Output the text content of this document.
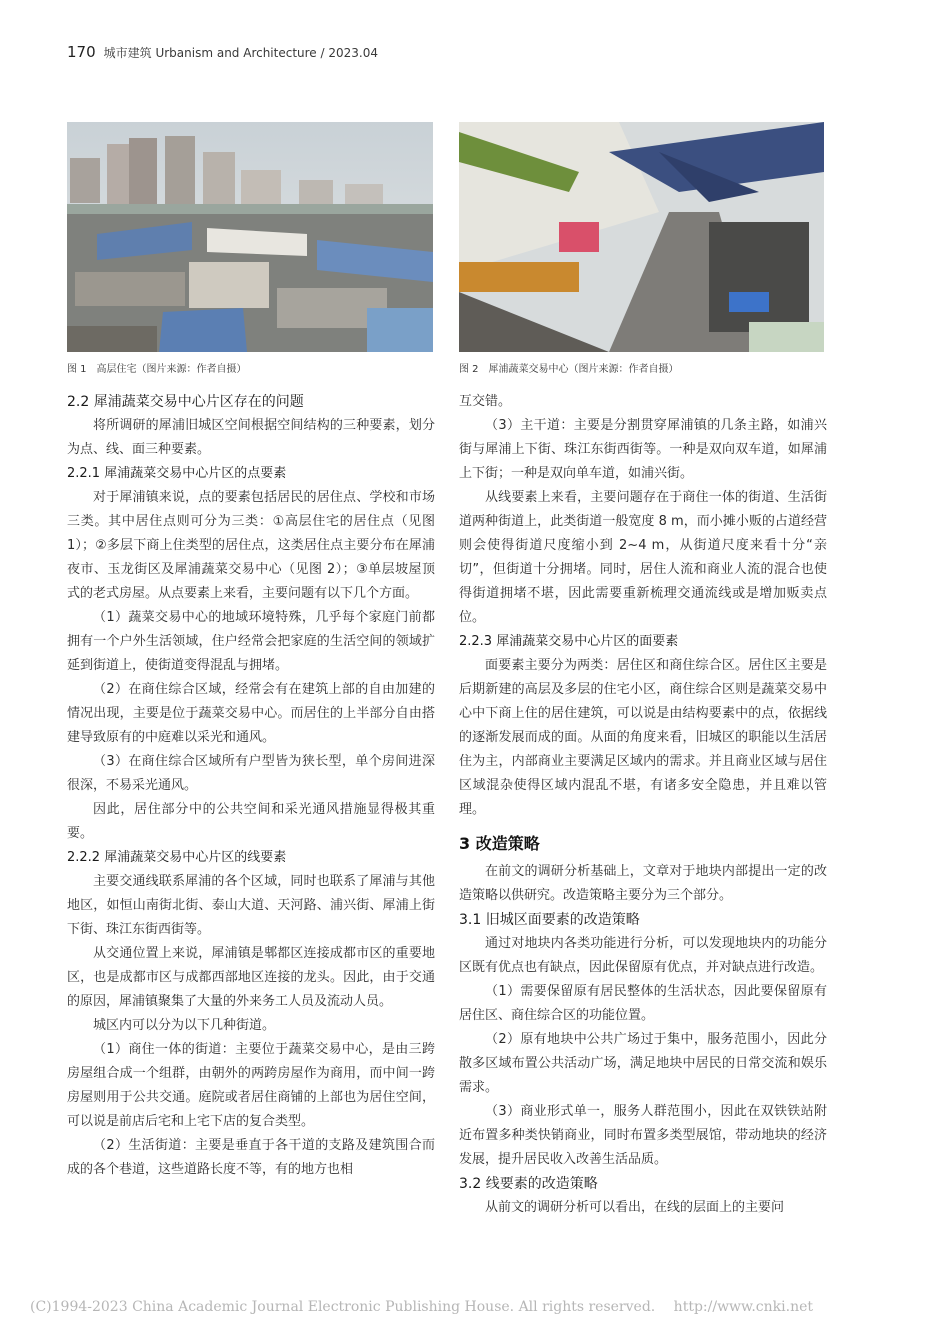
170 城市建筑 Urbanism and Architecture / 2023.04
图 1　高层住宅（图片来源：作者自摄）	图 2　犀浦蔬菜交易中心（图片来源：作者自摄）
2.2 犀浦蔬菜交易中心片区存在的问题
将所调研的犀浦旧城区空间根据空间结构的三种要素，划分为点、线、面三种要素。
2.2.1 犀浦蔬菜交易中心片区的点要素
对于犀浦镇来说，点的要素包括居民的居住点、学校和市场三类。其中居住点则可分为三类：①高层住宅的居住点（见图 1）；②多层下商上住类型的居住点，这类居住点主要分布在犀浦夜市、玉龙街区及犀浦蔬菜交易中心（见图 2）；③单层坡屋顶式的老式房屋。从点要素上来看，主要问题有以下几个方面。
（1）蔬菜交易中心的地域环境特殊，几乎每个家庭门前都拥有一个户外生活领域，住户经常会把家庭的生活空间的领域扩延到街道上，使街道变得混乱与拥堵。
（2）在商住综合区域，经常会有在建筑上部的自由加建的情况出现，主要是位于蔬菜交易中心。而居住的上半部分自由搭建导致原有的中庭难以采光和通风。
（3）在商住综合区域所有户型皆为狭长型，单个房间进深很深，不易采光通风。
因此，居住部分中的公共空间和采光通风措施显得极其重要。
2.2.2 犀浦蔬菜交易中心片区的线要素
主要交通线联系犀浦的各个区域，同时也联系了犀浦与其他地区，如恒山南街北街、泰山大道、天河路、浦兴街、犀浦上街下街、珠江东街西街等。
从交通位置上来说，犀浦镇是郫都区连接成都市区的重要地区，也是成都市区与成都西部地区连接的龙头。因此，由于交通的原因，犀浦镇聚集了大量的外来务工人员及流动人员。
城区内可以分为以下几种街道。
（1）商住一体的街道：主要位于蔬菜交易中心，是由三跨房屋组合成一个组群，由朝外的两跨房屋作为商用，而中间一跨房屋则用于公共交通。庭院或者居住商铺的上部也为居住空间，可以说是前店后宅和上宅下店的复合类型。
（2）生活街道：主要是垂直于各干道的支路及建筑围合而成的各个巷道，这些道路长度不等，有的地方也相
互交错。
（3）主干道：主要是分割贯穿犀浦镇的几条主路，如浦兴街与犀浦上下街、珠江东街西街等。一种是双向双车道，如犀浦上下街；一种是双向单车道，如浦兴街。
从线要素上来看，主要问题存在于商住一体的街道、生活街道两种街道上，此类街道一般宽度 8 m，而小摊小贩的占道经营则会使得街道尺度缩小到 2~4 m，从街道尺度来看十分“亲切”，但街道十分拥堵。同时，居住人流和商业人流的混合也使得街道拥堵不堪，因此需要重新梳理交通流线或是增加贩卖点位。
2.2.3 犀浦蔬菜交易中心片区的面要素
面要素主要分为两类：居住区和商住综合区。居住区主要是后期新建的高层及多层的住宅小区，商住综合区则是蔬菜交易中心中下商上住的居住建筑，可以说是由结构要素中的点，依据线的逐渐发展而成的面。从面的角度来看，旧城区的职能以生活居住为主，内部商业主要满足区域内的需求。并且商业区域与居住区域混杂使得区域内混乱不堪，有诸多安全隐患，并且难以管理。
3 改造策略
在前文的调研分析基础上，文章对于地块内部提出一定的改造策略以供研究。改造策略主要分为三个部分。
3.1 旧城区面要素的改造策略
通过对地块内各类功能进行分析，可以发现地块内的功能分区既有优点也有缺点，因此保留原有优点，并对缺点进行改造。
（1）需要保留原有居民整体的生活状态，因此要保留原有居住区、商住综合区的功能位置。
（2）原有地块中公共广场过于集中，服务范围小，因此分散多区域布置公共活动广场，满足地块中居民的日常交流和娱乐需求。
（3）商业形式单一，服务人群范围小，因此在双铁铁站附近布置多种类快销商业，同时布置多类型展馆，带动地块的经济发展，提升居民收入改善生活品质。
3.2 线要素的改造策略
从前文的调研分析可以看出，在线的层面上的主要问
(C)1994-2023 China Academic Journal Electronic Publishing House. All rights reserved.　 http://www.cnki.net
